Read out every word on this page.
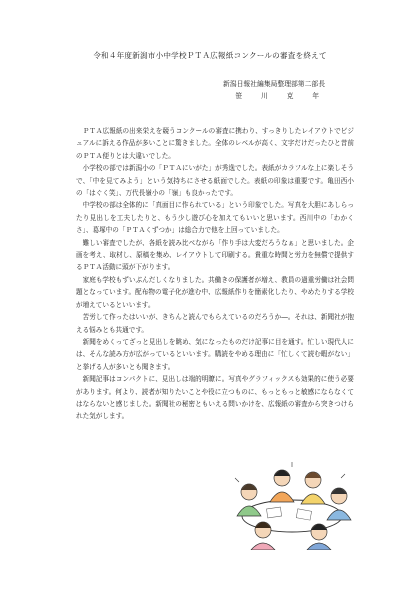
令和４年度新潟市小中学校ＰＴＡ広報紙コンクールの審査を終えて
新潟日報社編集局整理部第二部長
笹　川　克　年

ＰＴＡ広報紙の出来栄えを競うコンクールの審査に携わり、すっきりしたレイアウトでビジュアルに訴える作品が多いことに驚きました。全体のレベルが高く、文字だけだったひと昔前のＰＴＡ便りとは大違いでした。

小学校の部では新潟小の「ＰＴＡにいがた」が秀逸でした。表紙がカラフルな上に楽しそうで、「中を見てみよう」という気持ちにさせる紙面でした。表紙の印象は重要です。亀田西小の「はぐく笑」、万代長嶺小の「嶺」も良かったです。

中学校の部は全体的に「真面目に作られている」という印象でした。写真を大胆にあしらったり見出しを工夫したりと、もう少し遊び心を加えてもいいと思います。西川中の「わかくさ」、葛塚中の「ＰＴＡくずつか」は総合力で他を上回っていました。

難しい審査でしたが、各紙を読み比べながら「作り手は大変だろうなぁ」と思いました。企画を考え、取材し、原稿を集め、レイアウトして印刷する。貴重な時間と労力を無償で提供するＰＴＡ活動に頭が下がります。

家庭も学校もずいぶんだしくなりました。共働きの保護者が増え、教員の過重労働は社会問題となっています。配布物の電子化が進む中、広報紙作りを簡素化したり、やめたりする学校が増えているといいます。

苦労して作ったはいいが、きちんと読んでもらえているのだろうか―。それは、新聞社が抱える悩みとも共通です。

新聞をめくってざっと見出しを眺め、気になったものだけ記事に目を通す。忙しい現代人には、そんな読み方が広がっているといいます。購読をやめる理由に「忙しくて読む暇がない」と挙げる人が多いとも聞きます。

新聞記事はコンパクトに、見出しは端的明瞭に。写真やグラフィックスも効果的に使う必要があります。何より、読者が知りたいことや役に立つものに、もっともっと敏感にならなくてはならないと感じました。新聞社の秘密ともいえる問いかけを、広報紙の審査から突きつけられた気がします。
